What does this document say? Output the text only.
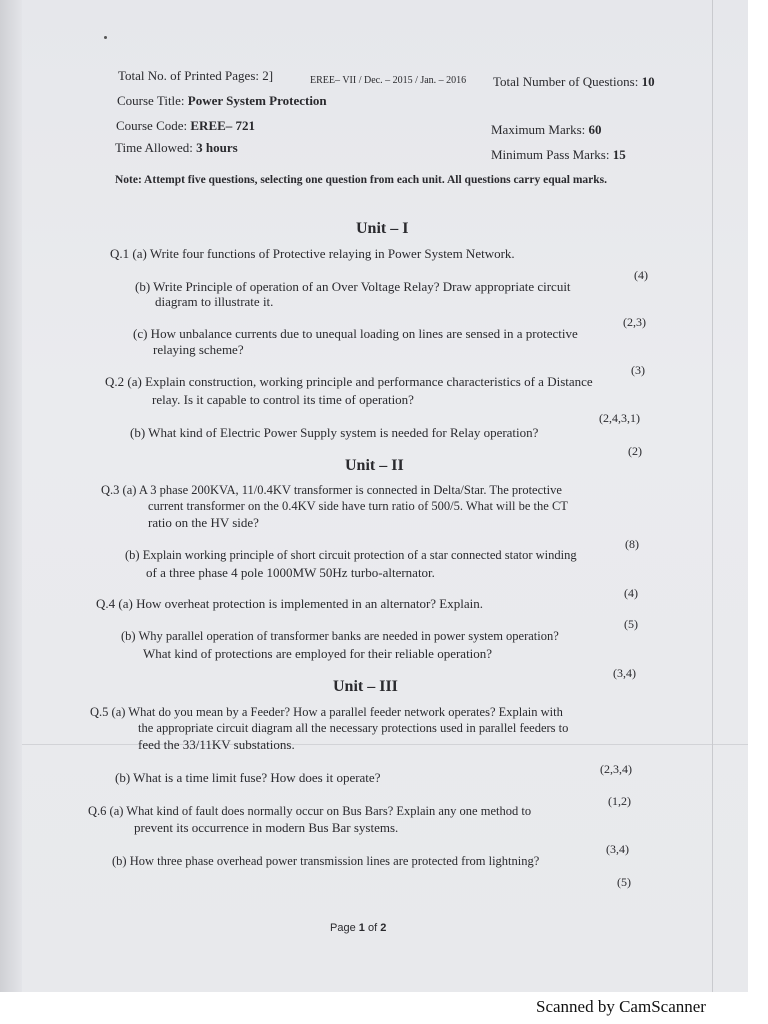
Total No. of Printed Pages: 2]	EREE– VII / Dec. – 2015 / Jan. – 2016 Total Number of Questions: 10
Course Title: Power System Protection
Course Code: EREE– 721	Maximum Marks: 60
Time Allowed: 3 hours	Minimum Pass Marks: 15
Note: Attempt five questions, selecting one question from each unit. All questions carry equal marks.
Unit – I
Q.1 (a) Write four functions of Protective relaying in Power System Network.
(4)
(b) Write Principle of operation of an Over Voltage Relay? Draw appropriate circuit
diagram to illustrate it.
(2,3)
(c) How unbalance currents due to unequal loading on lines are sensed in a protective
relaying scheme?
(3)
Q.2 (a) Explain construction, working principle and performance characteristics of a Distance
relay. Is it capable to control its time of operation?
(2,4,3,1)
(b) What kind of Electric Power Supply system is needed for Relay operation?
(2)
Unit – II
Q.3 (a) A 3 phase 200KVA, 11/0.4KV transformer is connected in Delta/Star. The protective
current transformer on the 0.4KV side have turn ratio of 500/5. What will be the CT
ratio on the HV side?
(8)
(b) Explain working principle of short circuit protection of a star connected stator winding
of a three phase 4 pole 1000MW 50Hz turbo-alternator.
(4)
Q.4 (a) How overheat protection is implemented in an alternator? Explain.
(5)
(b) Why parallel operation of transformer banks are needed in power system operation?
What kind of protections are employed for their reliable operation?
(3,4)
Unit – III
Q.5 (a) What do you mean by a Feeder? How a parallel feeder network operates? Explain with
the appropriate circuit diagram all the necessary protections used in parallel feeders to
feed the 33/11KV substations.
(2,3,4)
(b) What is a time limit fuse? How does it operate?
(1,2)
Q.6 (a) What kind of fault does normally occur on Bus Bars? Explain any one method to
prevent its occurrence in modern Bus Bar systems.
(3,4)
(b) How three phase overhead power transmission lines are protected from lightning?
(5)
Page 1 of 2
Scanned by CamScanner
